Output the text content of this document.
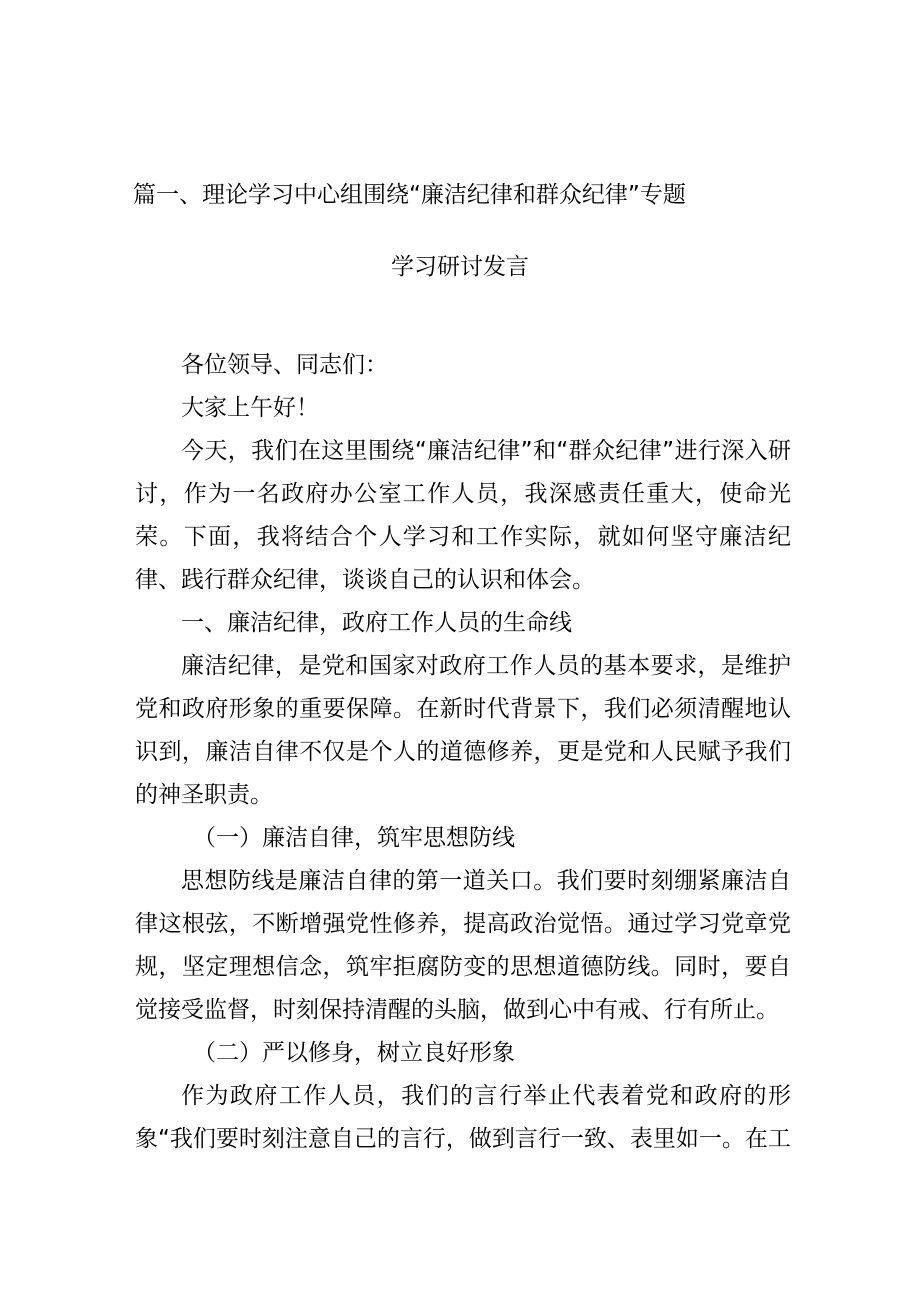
篇一、理论学习中心组围绕“廉洁纪律和群众纪律”专题
学习研讨发言

各位领导、同志们：

大家上午好！

今天，我们在这里围绕“廉洁纪律”和“群众纪律”进行深入研讨，作为一名政府办公室工作人员，我深感责任重大，使命光荣。下面，我将结合个人学习和工作实际，就如何坚守廉洁纪律、践行群众纪律，谈谈自己的认识和体会。

一、廉洁纪律，政府工作人员的生命线

廉洁纪律，是党和国家对政府工作人员的基本要求，是维护党和政府形象的重要保障。在新时代背景下，我们必须清醒地认识到，廉洁自律不仅是个人的道德修养，更是党和人民赋予我们的神圣职责。

（一）廉洁自律，筑牢思想防线

思想防线是廉洁自律的第一道关口。我们要时刻绷紧廉洁自律这根弦，不断增强党性修养，提高政治觉悟。通过学习党章党规，坚定理想信念，筑牢拒腐防变的思想道德防线。同时，要自觉接受监督，时刻保持清醒的头脑，做到心中有戒、行有所止。

（二）严以修身，树立良好形象

作为政府工作人员，我们的言行举止代表着党和政府的形象“我们要时刻注意自己的言行，做到言行一致、表里如一。在工
